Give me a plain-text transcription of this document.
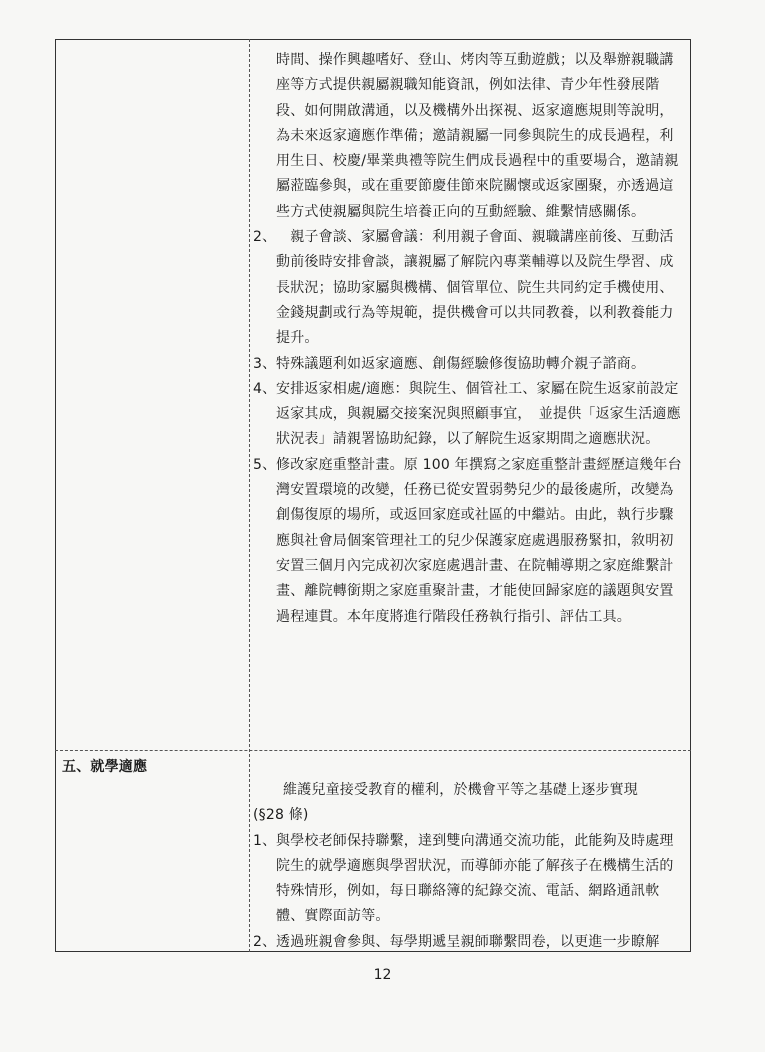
時間、操作興趣嗜好、登山、烤肉等互動遊戲；以及舉辦親職講座等方式提供親屬親職知能資訊，例如法律、青少年性發展階段、如何開啟溝通，以及機構外出探視、返家適應規則等說明，為未來返家適應作準備；邀請親屬一同參與院生的成長過程，利用生日、校慶/畢業典禮等院生們成長過程中的重要場合，邀請親屬蒞臨參與，或在重要節慶佳節來院關懷或返家團聚，亦透過這些方式使親屬與院生培養正向的互動經驗、維繫情感關係。

2、 　親子會談、家屬會議：利用親子會面、親職講座前後、互動活動前後時安排會談，讓親屬了解院內專業輔導以及院生學習、成長狀況；協助家屬與機構、個管單位、院生共同約定手機使用、金錢規劃或行為等規範，提供機會可以共同教養，以利教養能力提升。

3、 特殊議題利如返家適應、創傷經驗修復協助轉介親子諮商。

4、 安排返家相處/適應：與院生、個管社工、家屬在院生返家前設定　返家其成，與親屬交接案況與照顧事宜，　並提供「返家生活適應狀況表」請親署協助紀錄，以了解院生返家期間之適應狀況。

5、 修改家庭重整計畫。原 100 年撰寫之家庭重整計畫經歷這幾年台灣安置環境的改變，任務已從安置弱勢兒少的最後處所，改變為創傷復原的場所，或返回家庭或社區的中繼站。由此，執行步驟應與社會局個案管理社工的兒少保護家庭處遇服務緊扣，敘明初安置三個月內完成初次家庭處遇計畫、在院輔導期之家庭維繫計畫、離院轉銜期之家庭重聚計畫，才能使回歸家庭的議題與安置過程連貫。本年度將進行階段任務執行指引、評估工具。

五、就學適應

維護兒童接受教育的權利，於機會平等之基礎上逐步實現

(§28 條)

1、 與學校老師保持聯繫，達到雙向溝通交流功能，此能夠及時處理院生的就學適應與學習狀況，而導師亦能了解孩子在機構生活的特殊情形，例如，每日聯絡簿的紀錄交流、電話、網路通訊軟體、實際面訪等。

2、 透過班親會參與、每學期遞呈親師聯繫問卷，以更進一步瞭解

12
